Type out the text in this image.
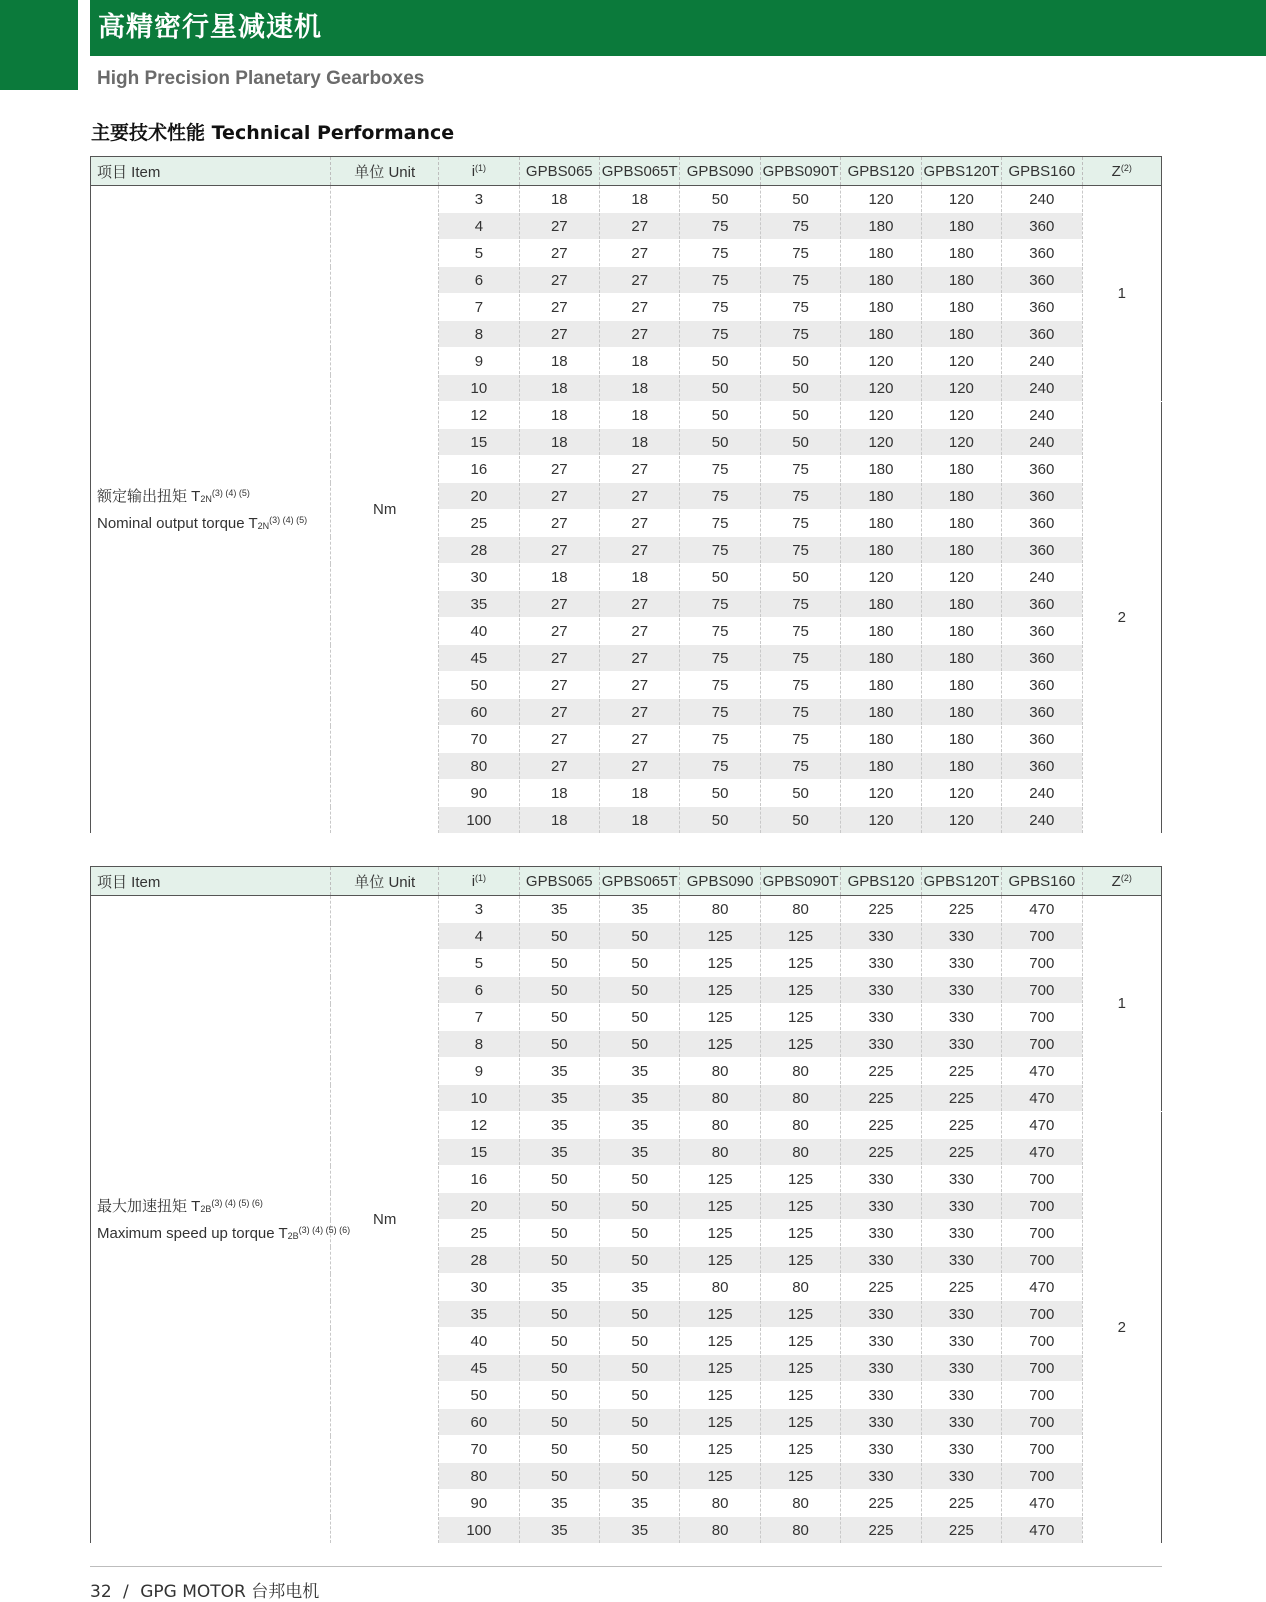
高精密行星减速机
High Precision Planetary Gearboxes
主要技术性能 Technical Performance
项目 Item	单位 Unit	$i^{(1)}$	GPBS065	GPBS065T	GPBS090	GPBS090T	GPBS120	GPBS120T	GPBS160	$Z^{(2)}$

额定输出扭矩 $T_{2N}^{(3) (4) (5)}$
Nominal output torque $T_{2N}^{(3) (4) (5)}$	Nm	3	18	18	50	50	120	120	240	1
		4	27	27	75	75	180	180	360	
		5	27	27	75	75	180	180	360	
		6	27	27	75	75	180	180	360	
		7	27	27	75	75	180	180	360	
		8	27	27	75	75	180	180	360	
		9	18	18	50	50	120	120	240	
		10	18	18	50	50	120	120	240	
		12	18	18	50	50	120	120	240	2
		15	18	18	50	50	120	120	240	
		16	27	27	75	75	180	180	360	
		20	27	27	75	75	180	180	360	
		25	27	27	75	75	180	180	360	
		28	27	27	75	75	180	180	360	
		30	18	18	50	50	120	120	240	
		35	27	27	75	75	180	180	360	
		40	27	27	75	75	180	180	360	
		45	27	27	75	75	180	180	360	
		50	27	27	75	75	180	180	360	
		60	27	27	75	75	180	180	360	
		70	27	27	75	75	180	180	360	
		80	27	27	75	75	180	180	360	
		90	18	18	50	50	120	120	240	
		100	18	18	50	50	120	120	240	
项目 Item	单位 Unit	$i^{(1)}$	GPBS065	GPBS065T	GPBS090	GPBS090T	GPBS120	GPBS120T	GPBS160	$Z^{(2)}$

最大加速扭矩 $T_{2B}^{(3) (4) (5) (6)}$
Maximum speed up torque $T_{2B}^{(3) (4) (5) (6)}$	Nm	3	35	35	80	80	225	225	470	1
		4	50	50	125	125	330	330	700	
		5	50	50	125	125	330	330	700	
		6	50	50	125	125	330	330	700	
		7	50	50	125	125	330	330	700	
		8	50	50	125	125	330	330	700	
		9	35	35	80	80	225	225	470	
		10	35	35	80	80	225	225	470	
		12	35	35	80	80	225	225	470	2
		15	35	35	80	80	225	225	470	
		16	50	50	125	125	330	330	700	
		20	50	50	125	125	330	330	700	
		25	50	50	125	125	330	330	700	
		28	50	50	125	125	330	330	700	
		30	35	35	80	80	225	225	470	
		35	50	50	125	125	330	330	700	
		40	50	50	125	125	330	330	700	
		45	50	50	125	125	330	330	700	
		50	50	50	125	125	330	330	700	
		60	50	50	125	125	330	330	700	
		70	50	50	125	125	330	330	700	
		80	50	50	125	125	330	330	700	
		90	35	35	80	80	225	225	470	
		100	35	35	80	80	225	225	470	
32 / GPG MOTOR 台邦电机
